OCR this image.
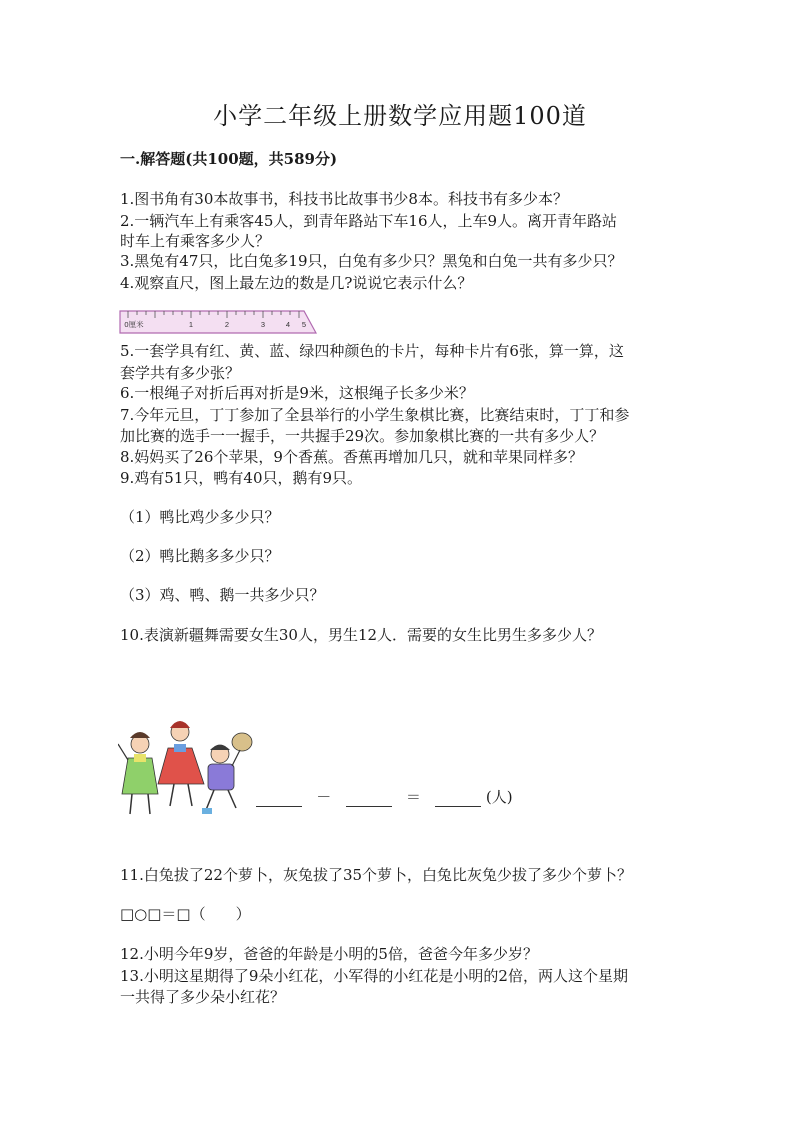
小学二年级上册数学应用题100道
一.解答题(共100题，共589分)
1.图书角有30本故事书，科技书比故事书少8本。科技书有多少本？
2.一辆汽车上有乘客45人，到青年路站下车16人，上车9人。离开青年路站
时车上有乘客多少人？
3.黑兔有47只，比白兔多19只，白兔有多少只？黑兔和白兔一共有多少只？
4.观察直尺，图上最左边的数是几?说说它表示什么？
0厘米	1	2	3	4 5
5.一套学具有红、黄、蓝、绿四种颜色的卡片，每种卡片有6张，算一算，这
套学共有多少张？
6.一根绳子对折后再对折是9米，这根绳子长多少米？
7.今年元旦，丁丁参加了全县举行的小学生象棋比赛，比赛结束时，丁丁和参
加比赛的选手一一握手，一共握手29次。参加象棋比赛的一共有多少人？
8.妈妈买了26个苹果，9个香蕉。香蕉再增加几只，就和苹果同样多？
9.鸡有51只，鸭有40只，鹅有9只。
（1）鸭比鸡少多少只？
（2）鸭比鹅多多少只？
（3）鸡、鸭、鹅一共多少只？
10.表演新疆舞需要女生30人，男生12人．需要的女生比男生多多少人？
－	＝	(人)
11.白兔拔了22个萝卜，灰兔拔了35个萝卜，白兔比灰兔少拔了多少个萝卜？
□○□＝□（　　）
12.小明今年9岁，爸爸的年龄是小明的5倍，爸爸今年多少岁？
13.小明这星期得了9朵小红花，小军得的小红花是小明的2倍，两人这个星期
一共得了多少朵小红花？
